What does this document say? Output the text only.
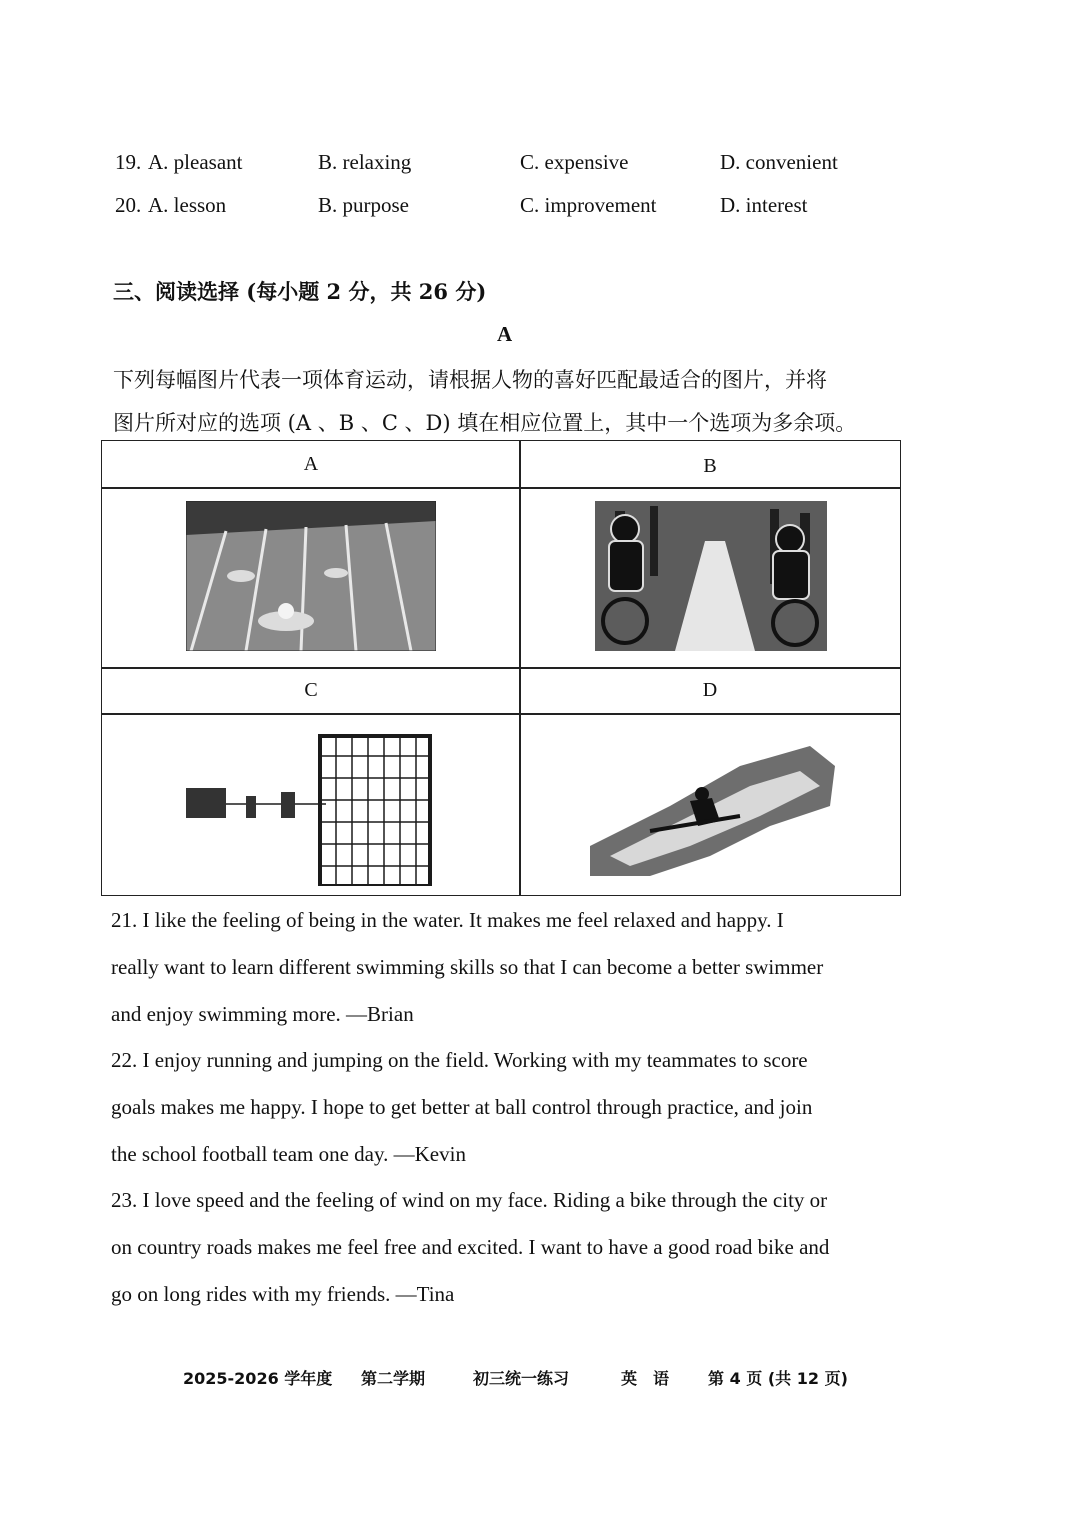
19. A. pleasant	B. relaxing	C. expensive	D. convenient
20. A. lesson	B. purpose	C. improvement	D. interest
三、阅读选择 (每小题 2 分，共 26 分)
A
下列每幅图片代表一项体育运动，请根据人物的喜好匹配最适合的图片，并将
图片所对应的选项 (A 、B 、C 、D) 填在相应位置上，其中一个选项为多余项。
A	B
C	D

21. I like the feeling of being in the water. It makes me feel relaxed and happy. I

really want to learn different swimming skills so that I can become a better swimmer

and enjoy swimming more. —Brian

22. I enjoy running and jumping on the field. Working with my teammates to score

goals makes me happy. I hope to get better at ball control through practice, and join

the school football team one day. —Kevin

23. I love speed and the feeling of wind on my face. Riding a bike through the city or

on country roads makes me feel free and excited. I want to have a good road bike and

go on long rides with my friends. —Tina

2025-2026 学年度 第二学期	初三统一练习	英　语 第 4 页 (共 12 页)
